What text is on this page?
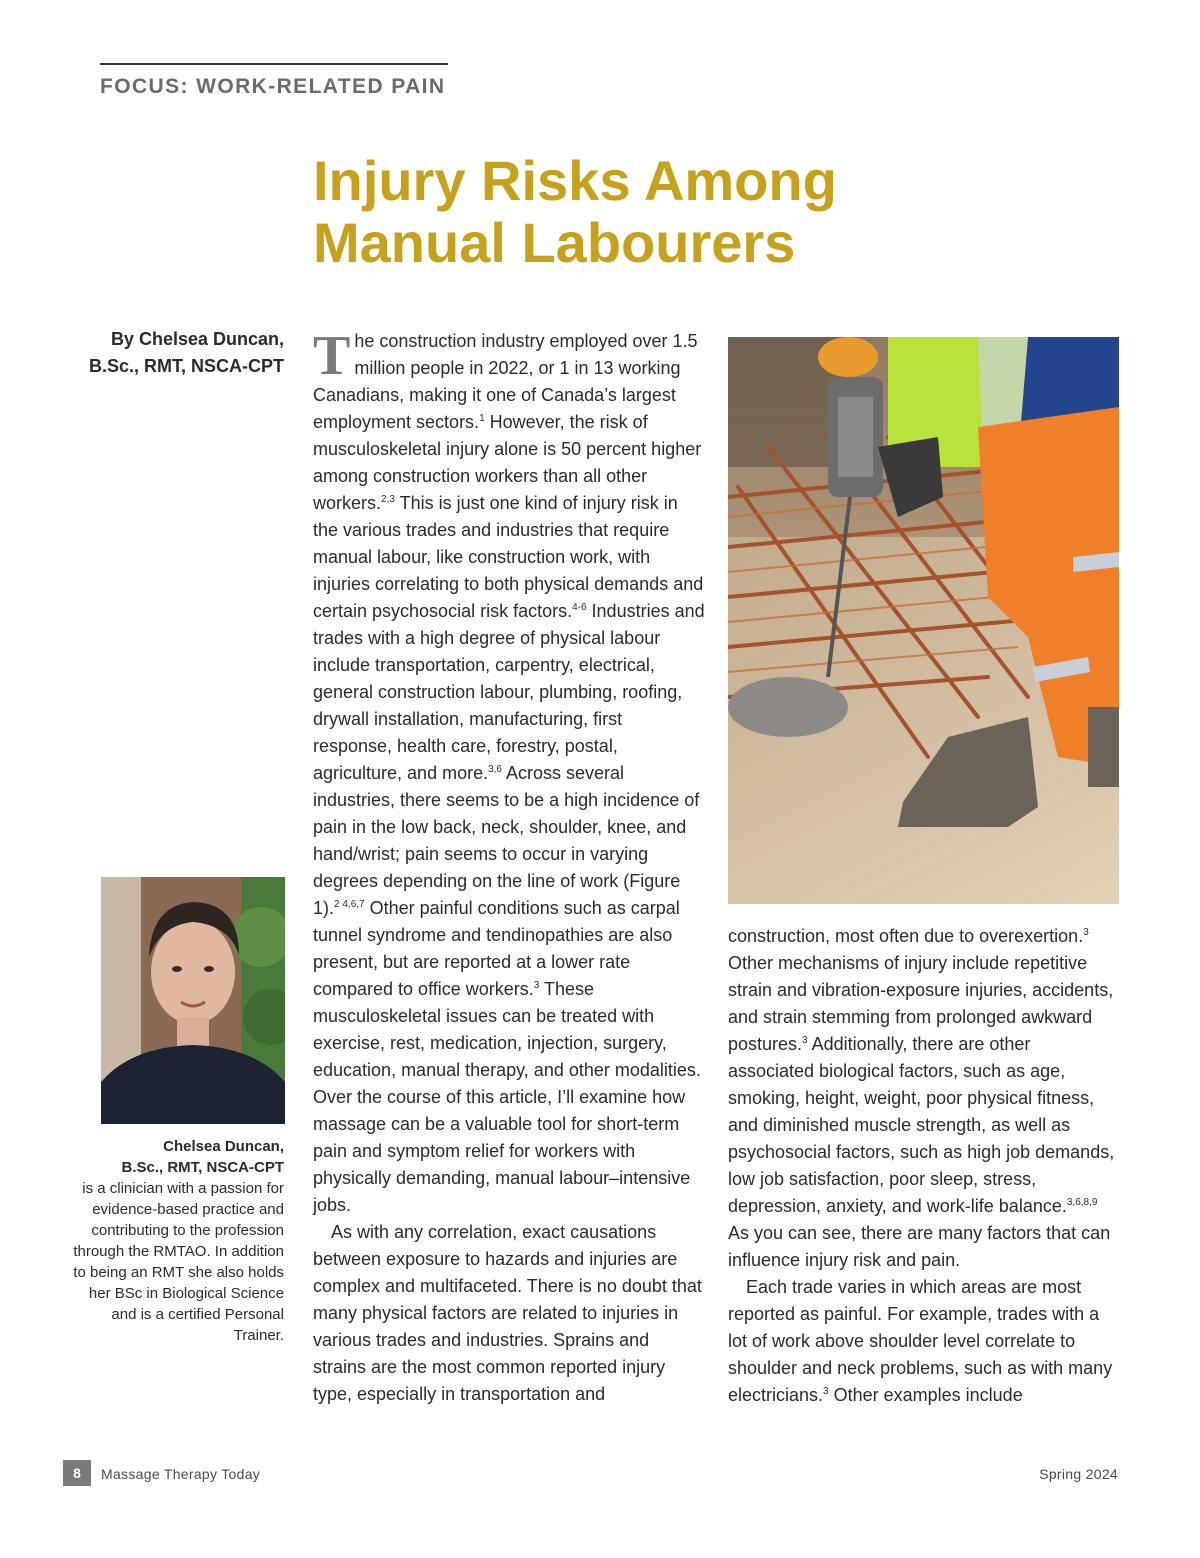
FOCUS: WORK-RELATED PAIN
Injury Risks Among
Manual Labourers
By Chelsea Duncan,
B.Sc., RMT, NSCA-CPT The construction industry employed over 1.5 million people in 2022, or 1 in 13 working Canadians, making it one of Canada’s largest employment sectors.$^1$ However, the risk of musculoskeletal injury alone is 50 percent higher among construction workers than all other workers.$^{2,3}$ This is just one kind of injury risk in the various trades and industries that require manual labour, like construction work, with injuries correlating to both physical demands and certain psychosocial risk factors.$^{4-6}$ Industries and trades with a high degree of physical labour include transportation, carpentry, electrical, general construction labour, plumbing, roofing, drywall installation, manufacturing, first response, health care, forestry, postal, agriculture, and more.$^{3,6}$ Across several industries, there seems to be a high incidence of pain in the low back, neck, shoulder, knee, and hand/wrist; pain seems to occur in varying degrees depending on the line of work (Figure 1).$^{2 4,6,7}$ Other painful conditions such as carpal tunnel syndrome and tendinopathies are also present, but are reported at a lower rate compared to office workers.$^3$ These musculoskeletal issues can be treated with exercise, rest, medication, injection, surgery, education, manual therapy, and other modalities. Over the course of this article, I’ll examine how massage can be a valuable tool for short-term pain and symptom relief for workers with physically demanding, manual labour–intensive jobs.

As with any correlation, exact causations between exposure to hazards and injuries are complex and multifaceted. There is no doubt that many physical factors are related to injuries in various trades and industries. Sprains and strains are the most common reported injury type, especially in transportation and

construction, most often due to overexertion.$^3$ Other mechanisms of injury include repetitive strain and vibration-exposure injuries, accidents, and strain stemming from prolonged awkward postures.$^3$ Additionally, there are other associated biological factors, such as age, smoking, height, weight, poor physical fitness, and diminished muscle strength, as well as psychosocial factors, such as high job demands, low job satisfaction, poor sleep, stress, depression, anxiety, and work-life balance.$^{3,6,8,9}$ As you can see, there are many factors that can influence injury risk and pain.

Each trade varies in which areas are most reported as painful. For example, trades with a lot of work above shoulder level correlate to shoulder and neck problems, such as with many electricians.$^3$ Other examples include

Chelsea Duncan,
B.Sc., RMT, NSCA-CPT
is a clinician with a passion for evidence-based practice and contributing to the profession through the RMTAO. In addition to being an RMT she also holds her BSc in Biological Science and is a certified Personal Trainer.
8	Massage Therapy Today	Spring 2024
